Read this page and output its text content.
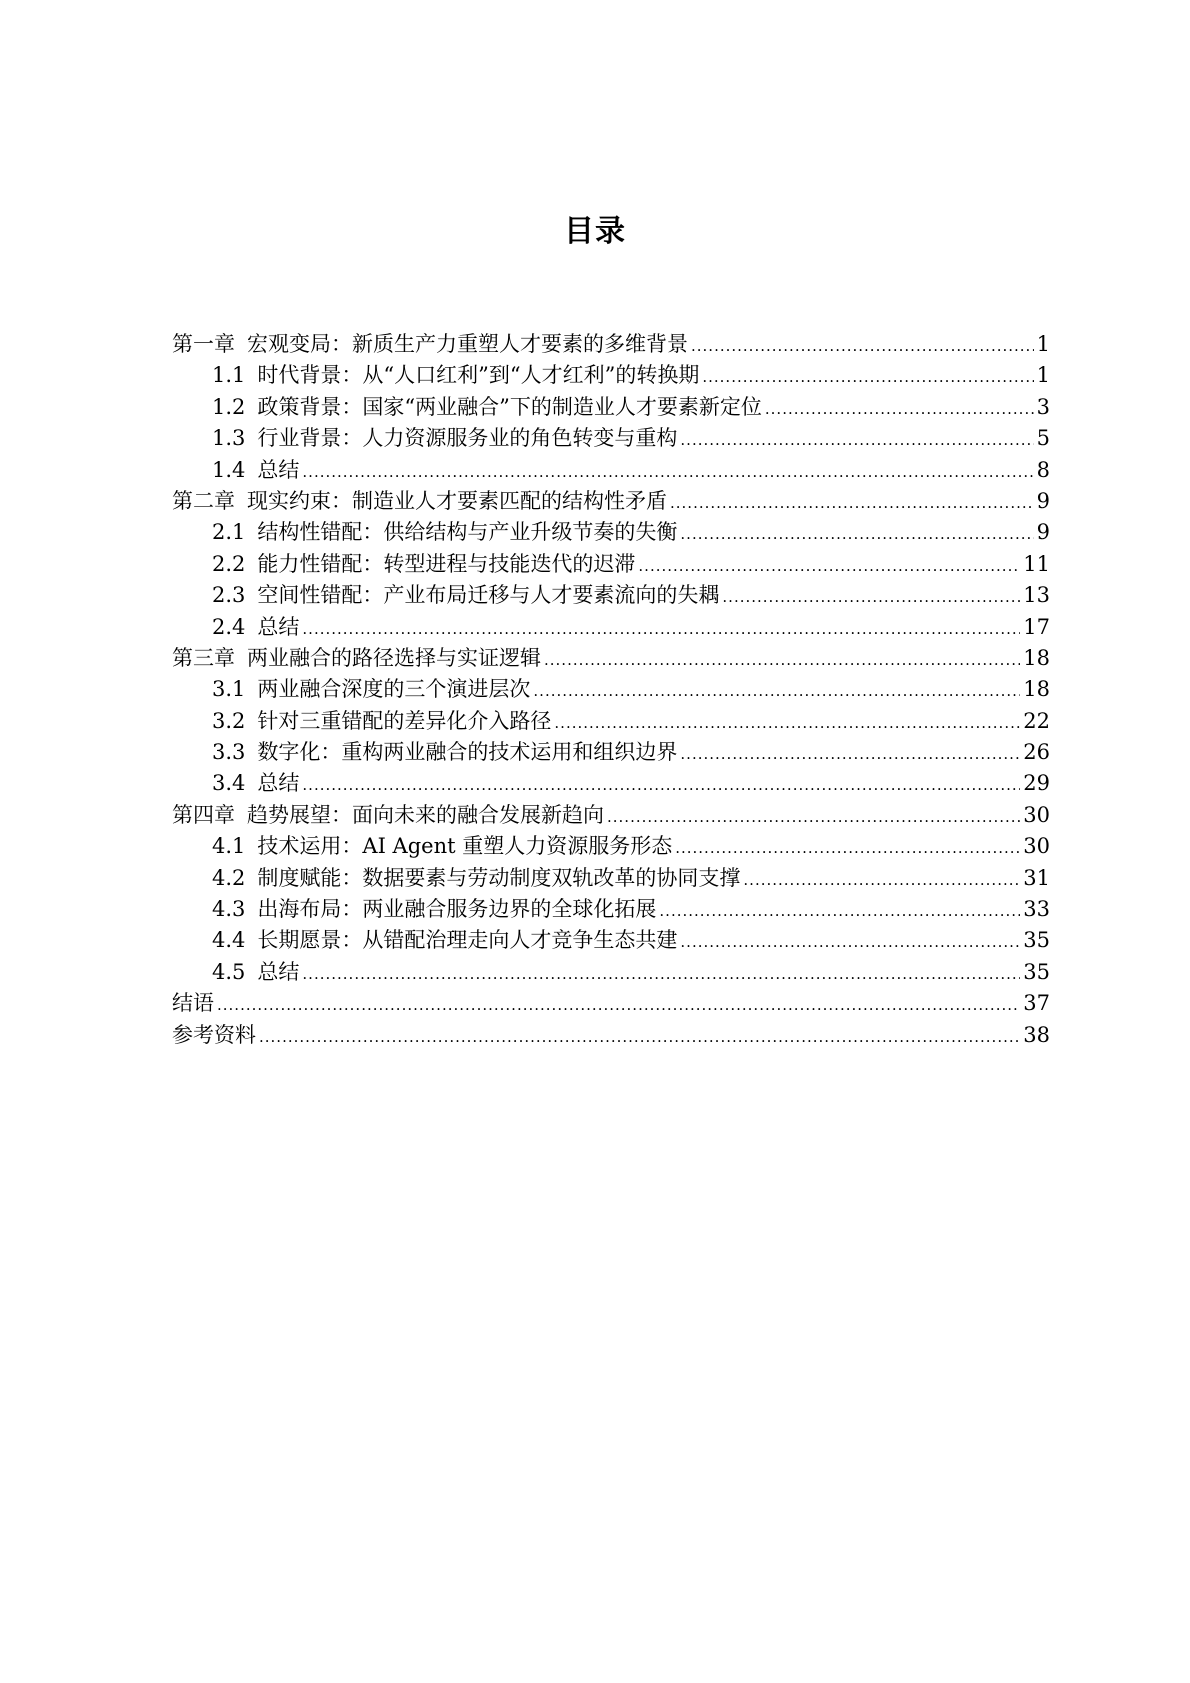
目录
第一章 宏观变局：新质生产力重塑人才要素的多维背景 .....	1
1.1 时代背景：从“人口红利”到“人才红利”的转换期 .....	1
1.2 政策背景：国家“两业融合”下的制造业人才要素新定位 .....	3
1.3 行业背景：人力资源服务业的角色转变与重构 .....	5
1.4 总结 .....	8
第二章 现实约束：制造业人才要素匹配的结构性矛盾 .....	9
2.1 结构性错配：供给结构与产业升级节奏的失衡 .....	9
2.2 能力性错配：转型进程与技能迭代的迟滞 .....	11
2.3 空间性错配：产业布局迁移与人才要素流向的失耦 .....	13
2.4 总结 .....	17
第三章 两业融合的路径选择与实证逻辑 .....	18
3.1 两业融合深度的三个演进层次 .....	18
3.2 针对三重错配的差异化介入路径 .....	22
3.3 数字化：重构两业融合的技术运用和组织边界 .....	26
3.4 总结 .....	29
第四章 趋势展望：面向未来的融合发展新趋向 .....	30
4.1 技术运用：AI Agent 重塑人力资源服务形态 .....	30
4.2 制度赋能：数据要素与劳动制度双轨改革的协同支撑 .....	31
4.3 出海布局：两业融合服务边界的全球化拓展 .....	33
4.4 长期愿景：从错配治理走向人才竞争生态共建 .....	35
4.5 总结 .....	35
结语 .....	37
参考资料 .....	38
